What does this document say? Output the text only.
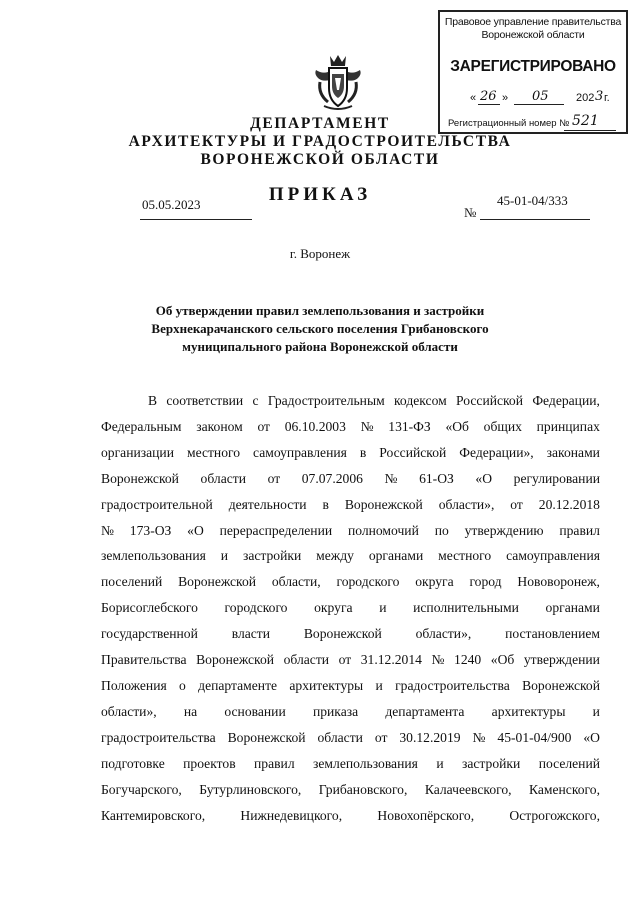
Правовое управление правительства
Воронежской области
ЗАРЕГИСТРИРОВАНО
« 26 » 05 202 3 г.
Регистрационный номер № 521
ДЕПАРТАМЕНТ
АРХИТЕКТУРЫ И ГРАДОСТРОИТЕЛЬСТВА
ВОРОНЕЖСКОЙ ОБЛАСТИ
ПРИКАЗ
05.05.2023
№
45-01-04/333
г. Воронеж
Об утверждении правил землепользования и застройки
Верхнекарачанского сельского поселения Грибановского
муниципального района Воронежской области
В соответствии с Градостроительным кодексом Российской Федерации,
Федеральным законом от 06.10.2003 № 131-ФЗ «Об общих принципах
организации местного самоуправления в Российской Федерации», законами
Воронежской области от 07.07.2006 № 61-ОЗ «О регулировании
градостроительной деятельности в Воронежской области», от 20.12.2018
№ 173-ОЗ «О перераспределении полномочий по утверждению правил
землепользования и застройки между органами местного самоуправления
поселений Воронежской области, городского округа город Нововоронеж,
Борисоглебского городского округа и исполнительными органами
государственной власти Воронежской области», постановлением
Правительства Воронежской области от 31.12.2014 № 1240 «Об утверждении
Положения о департаменте архитектуры и градостроительства Воронежской
области», на основании приказа департамента архитектуры и
градостроительства Воронежской области от 30.12.2019 № 45-01-04/900 «О
подготовке проектов правил землепользования и застройки поселений
Богучарского, Бутурлиновского, Грибановского, Калачеевского, Каменского,
Кантемировского,	Нижнедевицкого,	Новохопёрского,	Острогожского,
